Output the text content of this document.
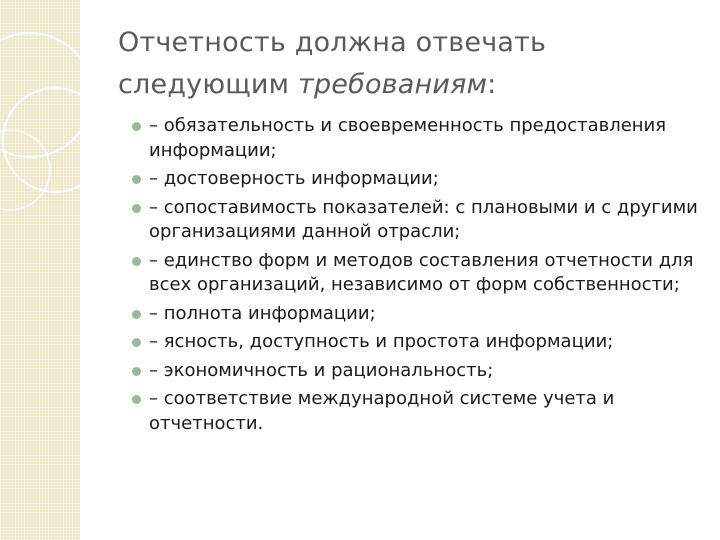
Отчетность должна отвечать
следующим требованиям:
– обязательность и своевременность предоставления информации;
– достоверность информации;
– сопоставимость показателей: с плановыми и с другими организациями данной отрасли;
– единство форм и методов составления отчетности для всех организаций, независимо от форм собственности;
– полнота информации;
– ясность, доступность и простота информации;
– экономичность и рациональность;
– соответствие международной системе учета и отчетности.
